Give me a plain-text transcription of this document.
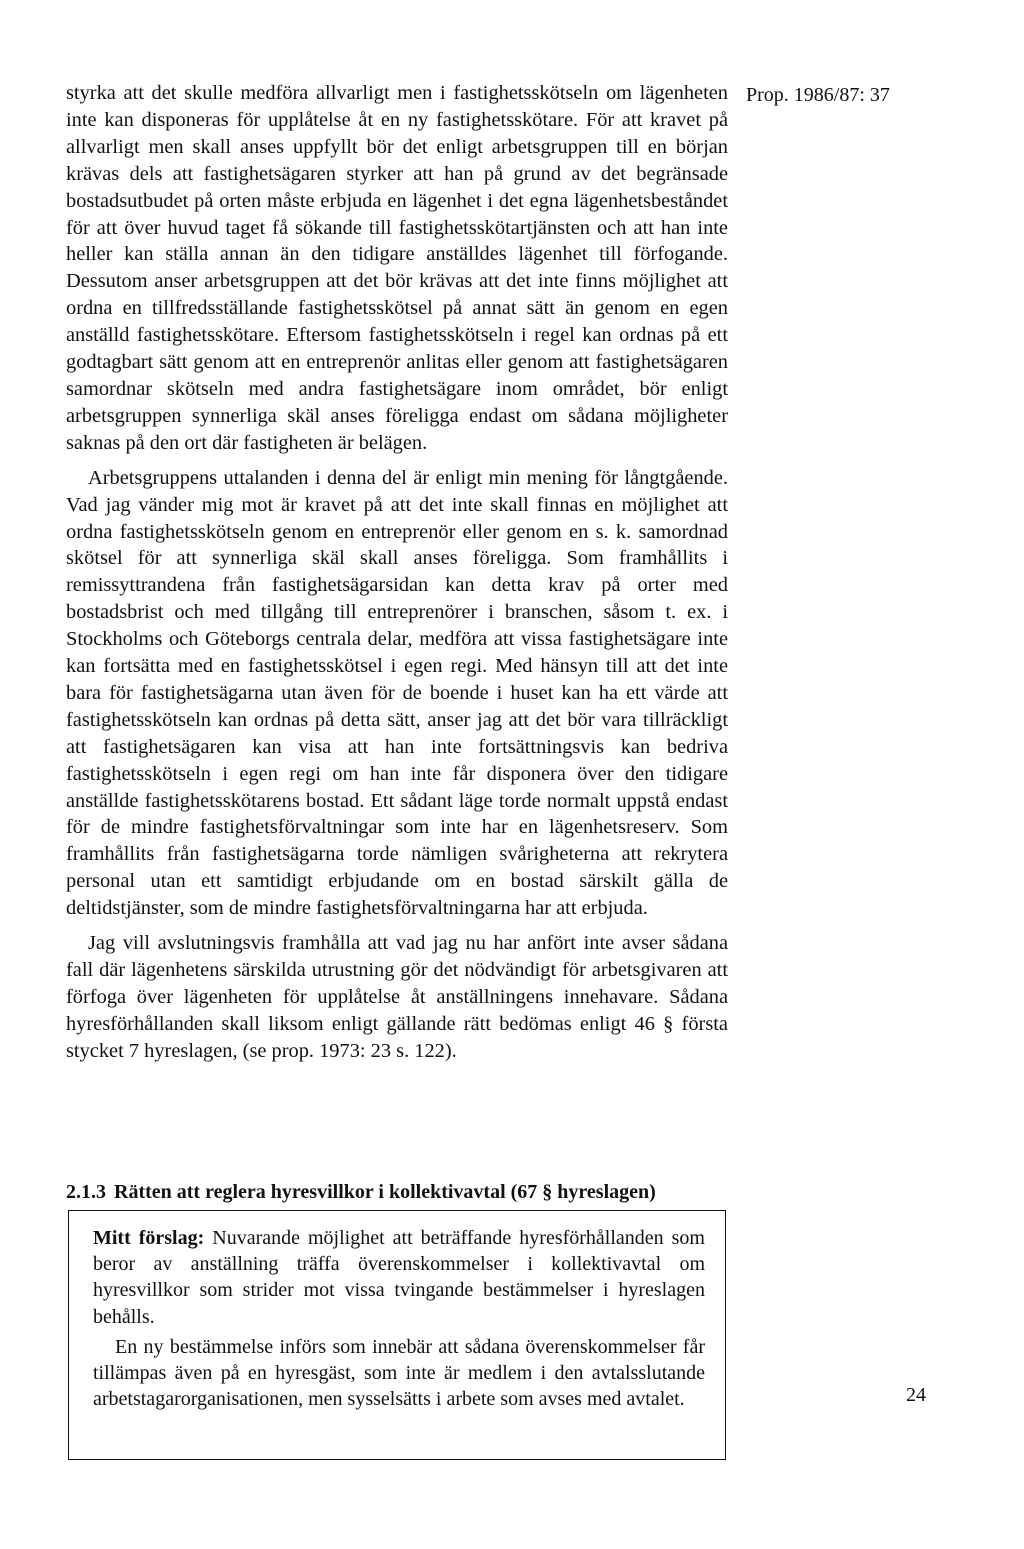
Prop. 1986/87: 37

styrka att det skulle medföra allvarligt men i fastighetsskötseln om lägenheten inte kan disponeras för upplåtelse åt en ny fastighetsskötare. För att kravet på allvarligt men skall anses uppfyllt bör det enligt arbetsgruppen till en början krävas dels att fastighetsägaren styrker att han på grund av det begränsade bostadsutbudet på orten måste erbjuda en lägenhet i det egna lägenhetsbeståndet för att över huvud taget få sökande till fastighetsskötartjänsten och att han inte heller kan ställa annan än den tidigare anställdes lägenhet till förfogande. Dessutom anser arbetsgruppen att det bör krävas att det inte finns möjlighet att ordna en tillfredsställande fastighetsskötsel på annat sätt än genom en egen anställd fastighetsskötare. Eftersom fastighetsskötseln i regel kan ordnas på ett godtagbart sätt genom att en entreprenör anlitas eller genom att fastighetsägaren samordnar skötseln med andra fastighetsägare inom området, bör enligt arbetsgruppen synnerliga skäl anses föreligga endast om sådana möjligheter saknas på den ort där fastigheten är belägen.

Arbetsgruppens uttalanden i denna del är enligt min mening för långtgående. Vad jag vänder mig mot är kravet på att det inte skall finnas en möjlighet att ordna fastighetsskötseln genom en entreprenör eller genom en s. k. samordnad skötsel för att synnerliga skäl skall anses föreligga. Som framhållits i remissyttrandena från fastighetsägarsidan kan detta krav på orter med bostadsbrist och med tillgång till entreprenörer i branschen, såsom t. ex. i Stockholms och Göteborgs centrala delar, medföra att vissa fastighetsägare inte kan fortsätta med en fastighetsskötsel i egen regi. Med hänsyn till att det inte bara för fastighetsägarna utan även för de boende i huset kan ha ett värde att fastighetsskötseln kan ordnas på detta sätt, anser jag att det bör vara tillräckligt att fastighetsägaren kan visa att han inte fortsättningsvis kan bedriva fastighetsskötseln i egen regi om han inte får disponera över den tidigare anställde fastighetsskötarens bostad. Ett sådant läge torde normalt uppstå endast för de mindre fastighetsförvaltningar som inte har en lägenhetsreserv. Som framhållits från fastighetsägarna torde nämligen svårigheterna att rekrytera personal utan ett samtidigt erbjudande om en bostad särskilt gälla de deltidstjänster, som de mindre fastighetsförvaltningarna har att erbjuda.

Jag vill avslutningsvis framhålla att vad jag nu har anfört inte avser sådana fall där lägenhetens särskilda utrustning gör det nödvändigt för arbetsgivaren att förfoga över lägenheten för upplåtelse åt anställningens innehavare. Sådana hyresförhållanden skall liksom enligt gällande rätt bedömas enligt 46 § första stycket 7 hyreslagen, (se prop. 1973: 23 s. 122).

2.1.3 Rätten att reglera hyresvillkor i kollektivavtal (67 § hyreslagen)

Mitt förslag: Nuvarande möjlighet att beträffande hyresförhållanden som beror av anställning träffa överenskommelser i kollektivavtal om hyresvillkor som strider mot vissa tvingande bestämmelser i hyreslagen behålls.

En ny bestämmelse införs som innebär att sådana överenskommelser får tillämpas även på en hyresgäst, som inte är medlem i den avtalsslutande arbetstagarorganisationen, men sysselsätts i arbete som avses med avtalet.	24
